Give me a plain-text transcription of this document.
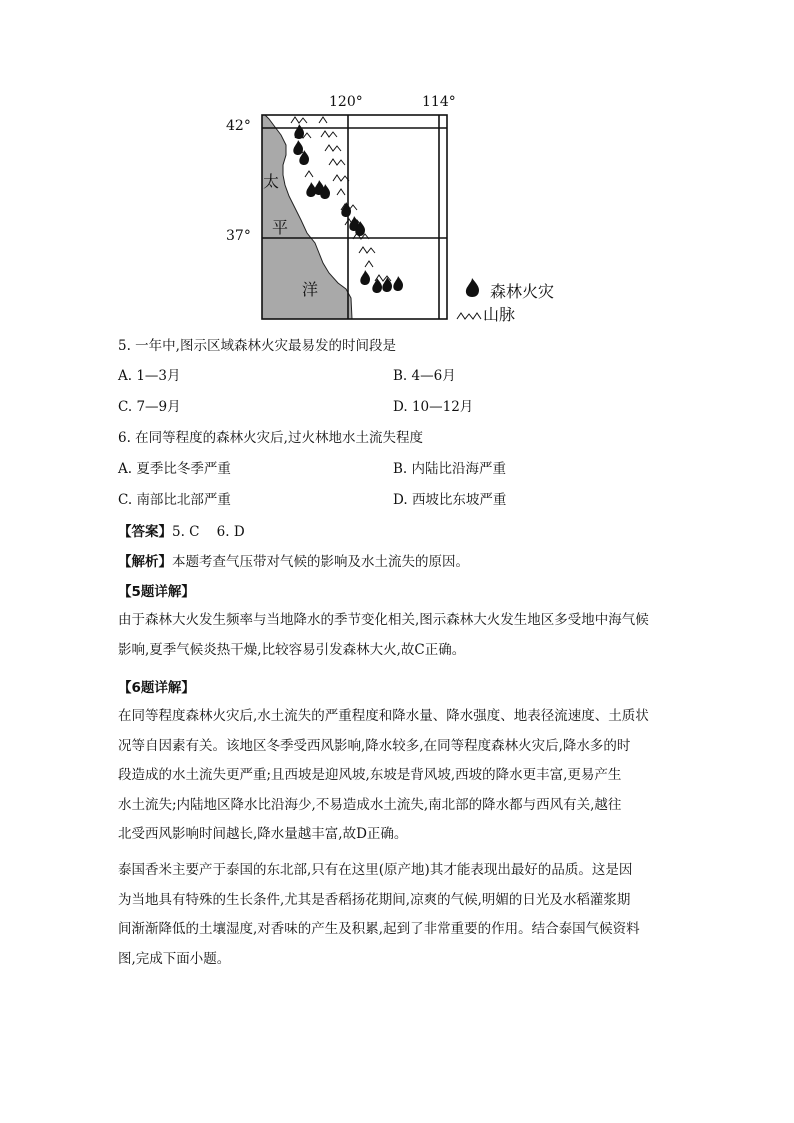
120°	114°
42°
37°
太
平
洋	森林火灾
山脉
5. 一年中,图示区域森林火灾最易发的时间段是
A. 1—3月	B. 4—6月
C. 7—9月	D. 10—12月
6. 在同等程度的森林火灾后,过火林地水土流失程度
A. 夏季比冬季严重	B. 内陆比沿海严重
C. 南部比北部严重	D. 西坡比东坡严重
【答案】5. C    6. D
【解析】本题考查气压带对气候的影响及水土流失的原因。
【5题详解】
由于森林大火发生频率与当地降水的季节变化相关,图示森林大火发生地区多受地中海气候
影响,夏季气候炎热干燥,比较容易引发森林大火,故C正确。
【6题详解】
在同等程度森林火灾后,水土流失的严重程度和降水量、降水强度、地表径流速度、土质状
况等自因素有关。该地区冬季受西风影响,降水较多,在同等程度森林火灾后,降水多的时
段造成的水土流失更严重;且西坡是迎风坡,东坡是背风坡,西坡的降水更丰富,更易产生
水土流失;内陆地区降水比沿海少,不易造成水土流失,南北部的降水都与西风有关,越往
北受西风影响时间越长,降水量越丰富,故D正确。
泰国香米主要产于泰国的东北部,只有在这里(原产地)其才能表现出最好的品质。这是因
为当地具有特殊的生长条件,尤其是香稻扬花期间,凉爽的气候,明媚的日光及水稻灌浆期
间渐渐降低的土壤湿度,对香味的产生及积累,起到了非常重要的作用。结合泰国气候资料
图,完成下面小题。
